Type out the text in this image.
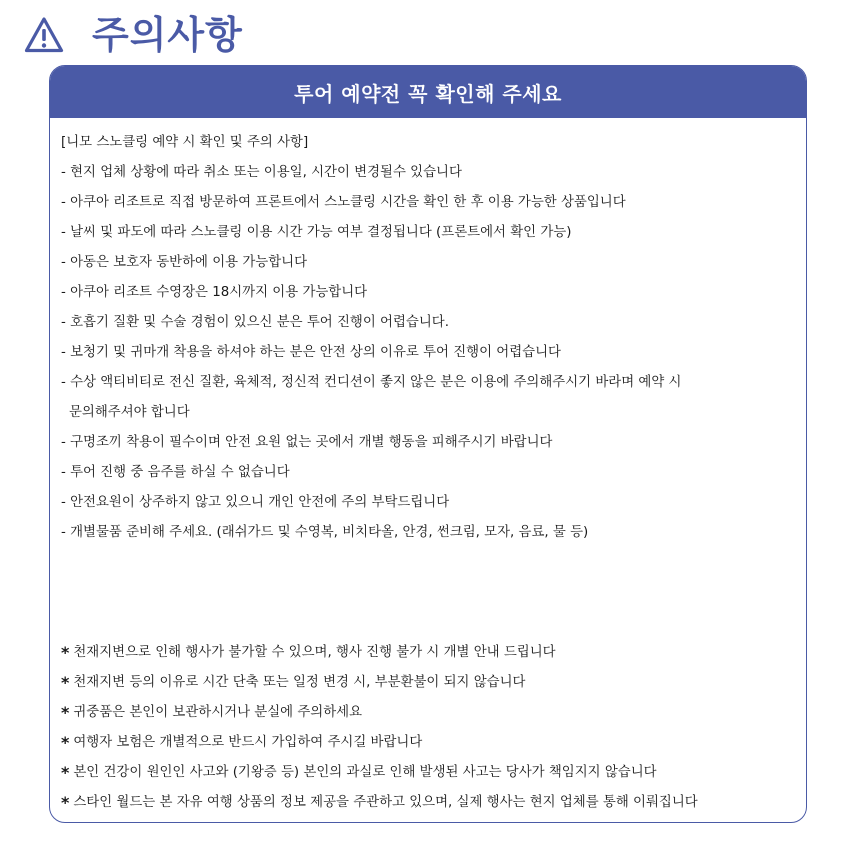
주의사항
투어 예약전 꼭 확인해 주세요
[니모 스노클링 예약 시 확인 및 주의 사항]
- 현지 업체 상황에 따라 취소 또는 이용일, 시간이 변경될수 있습니다
- 아쿠아 리조트로 직접 방문하여 프론트에서 스노클링 시간을 확인 한 후 이용 가능한 상품입니다
- 날씨 및 파도에 따라 스노클링 이용 시간 가능 여부 결정됩니다 (프론트에서 확인 가능)
- 아동은 보호자 동반하에 이용 가능합니다
- 아쿠아 리조트 수영장은 18시까지 이용 가능합니다
- 호흡기 질환 및 수술 경험이 있으신 분은 투어 진행이 어렵습니다.
- 보청기 및 귀마개 착용을 하셔야 하는 분은 안전 상의 이유로 투어 진행이 어렵습니다
- 수상 액티비티로 전신 질환, 육체적, 정신적 컨디션이 좋지 않은 분은 이용에 주의해주시기 바라며 예약 시
문의해주셔야 합니다
- 구명조끼 착용이 필수이며 안전 요원 없는 곳에서 개별 행동을 피해주시기 바랍니다
- 투어 진행 중 음주를 하실 수 없습니다
- 안전요원이 상주하지 않고 있으니 개인 안전에 주의 부탁드립니다
- 개별물품 준비해 주세요. (래쉬가드 및 수영복, 비치타올, 안경, 썬크림, 모자, 음료, 물 등)
* 천재지변으로 인해 행사가 불가할 수 있으며, 행사 진행 불가 시 개별 안내 드립니다
* 천재지변 등의 이유로 시간 단축 또는 일정 변경 시, 부분환불이 되지 않습니다
* 귀중품은 본인이 보관하시거나 분실에 주의하세요
* 여행자 보험은 개별적으로 반드시 가입하여 주시길 바랍니다
* 본인 건강이 원인인 사고와 (기왕증 등) 본인의 과실로 인해 발생된 사고는 당사가 책임지지 않습니다
* 스타인 월드는 본 자유 여행 상품의 정보 제공을 주관하고 있으며, 실제 행사는 현지 업체를 통해 이뤄집니다
